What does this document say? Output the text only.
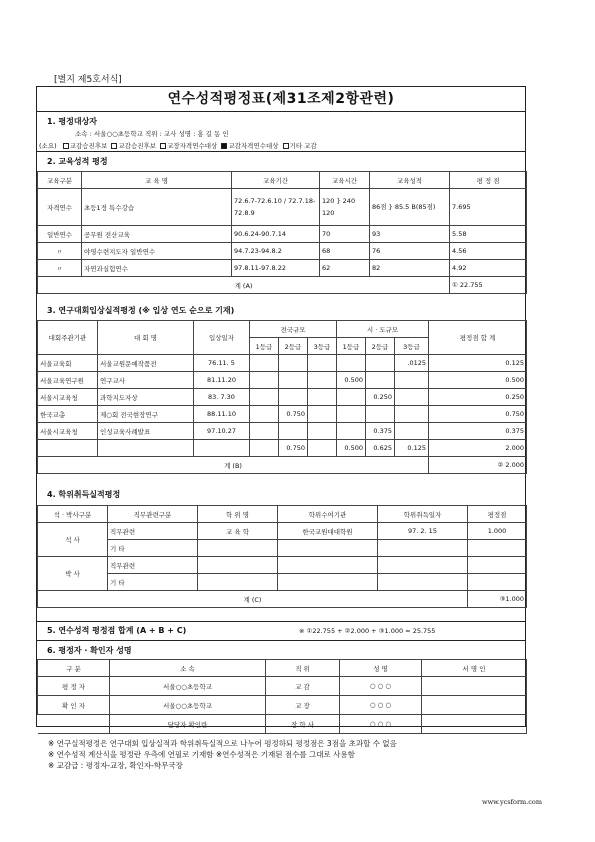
[별지 제5호서식]
연수성적평정표(제31조제2항관련)
1. 평정대상자
소속 : 서울○○초등학교 직위 : 교사 성명 : 홍 길 동 인
(소요) 교감승진후보 교감승진후보 교장자격연수대상 교감자격연수대상 기타 교감
2. 교육성적 평정
교육구분	교 육 명	교육기간	교육시간	교육성적	평 정 점
자격연수	초등1정 특수강습	72.6.7-72.6.10 / 72.7.18-72.8.9	120 } 240 120	86점 } 85.5 B(85점)	7.695
일반연수	공무원 전산교육	90.6.24-90.7.14	70	93	5.58
〃	야영수련지도자 일반연수	94.7.23-94.8.2	68	76	4.56
〃	자연과실험연수	97.8.11-97.8.22	62	82	4.92
계 (A)					① 22.755
3. 연구대회입상실적평정 (※ 입상 연도 순으로 기재)
대회주관기관	대 회 명	입상일자	전국규모			시 · 도규모			평정점 합 계
			1등급	2등급	3등급	1등급	2등급	3등급	
서울교육회	서울교원문예작품전	76.11. 5						.0125	0.125
서울교육연구원	연구교사	81.11.20				0.500			0.500
서울시교육청	과학지도자상	83. 7.30					0.250		0.250
한국교총	제○회 전국현장연구	88.11.10		0.750					0.750
서울시교육청	인성교육사례발표	97.10.27					0.375		0.375
				0.750		0.500	0.625	0.125	2.000
계 (B)									② 2.000
4. 학위취득실적평정
석 · 박사구분	직무관련구분	학 위 명	학위수여기관	학위취득일자	평정점
석 사	직무관련	교 육 학	한국교원대대학원	97. 2. 15	1.000
	기 타				
박 사	직무관련				
	기 타				
계 (C)					③1.000
5. 연수성적 평정점 합계 (A + B + C)	※ ①22.755 + ②2.000 + ③1.000 = 25.755
6. 평정자 · 확인자 성명
구 분	소 속	직 위	성 명	서 명 인
평 정 자	서울○○초등학교	교 감	○ ○ ○	
확 인 자	서울○○초등학교	교 장	○ ○ ○	
	담당자 확인란	장 학 사	○ ○ ○	
※ 연구실적평정은 연구대회 입상실적과 학위취득실적으로 나누어 평정하되 평정점은 3점을 초과할 수 없음
※ 연수성적 계산식을 평정란 우측에 연필로 기재함 ※연수성적은 기재된 점수를 그대로 사용함
※ 교감급 : 평정자-교장, 확인자-학무국장
www.ycsform.com
